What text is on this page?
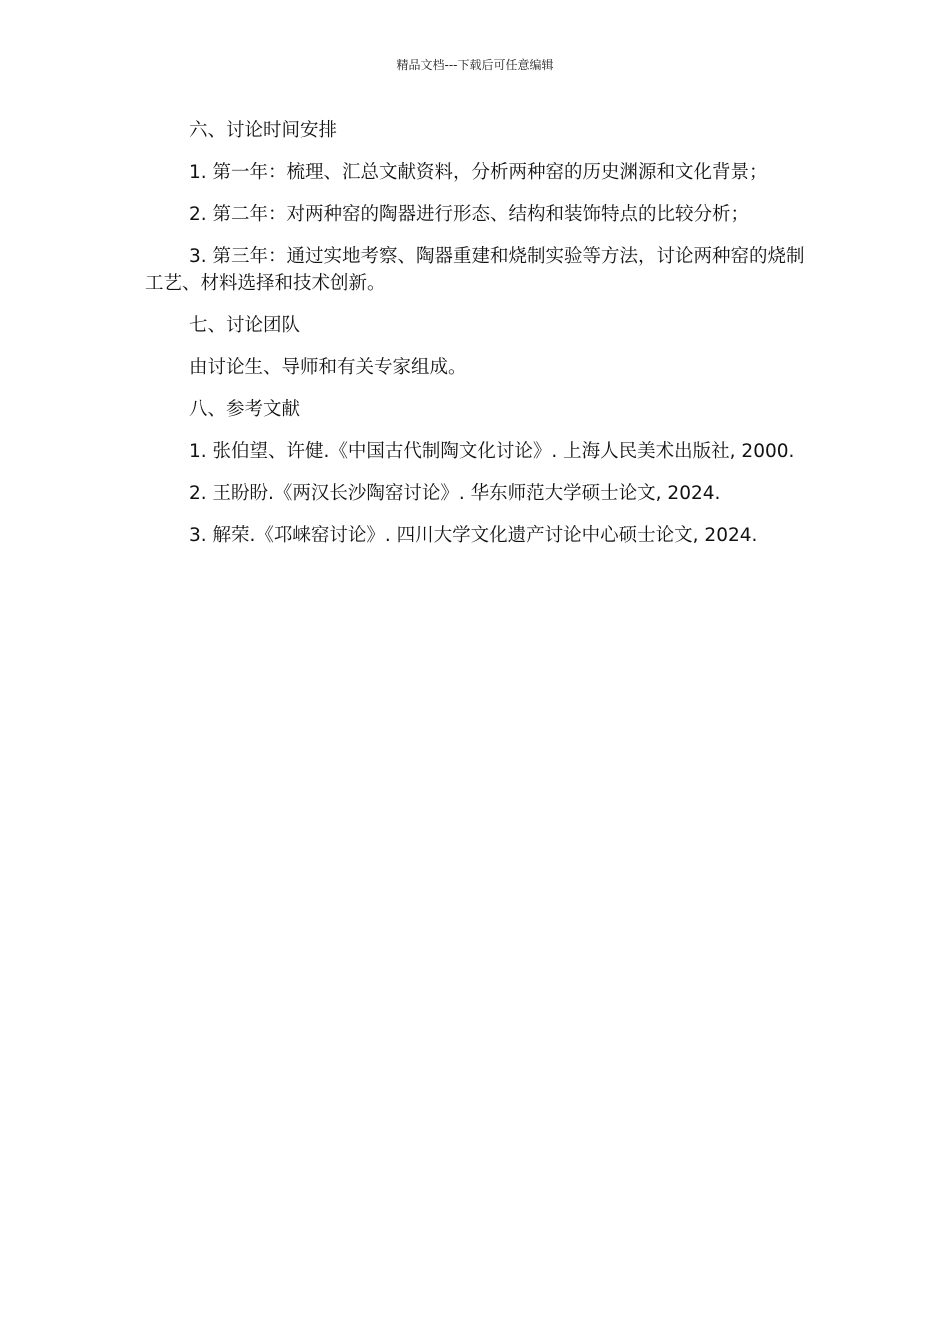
精品文档---下载后可任意编辑

六、讨论时间安排

1. 第一年：梳理、汇总文献资料，分析两种窑的历史渊源和文化背景；

2. 第二年：对两种窑的陶器进行形态、结构和装饰特点的比较分析；

3. 第三年：通过实地考察、陶器重建和烧制实验等方法，讨论两种窑的烧制工艺、材料选择和技术创新。

七、讨论团队

由讨论生、导师和有关专家组成。

八、参考文献

1. 张伯望、许健.《中国古代制陶文化讨论》. 上海人民美术出版社, 2000.

2. 王盼盼.《两汉长沙陶窑讨论》. 华东师范大学硕士论文, 2024.

3. 解荣.《邛崃窑讨论》. 四川大学文化遗产讨论中心硕士论文, 2024.
